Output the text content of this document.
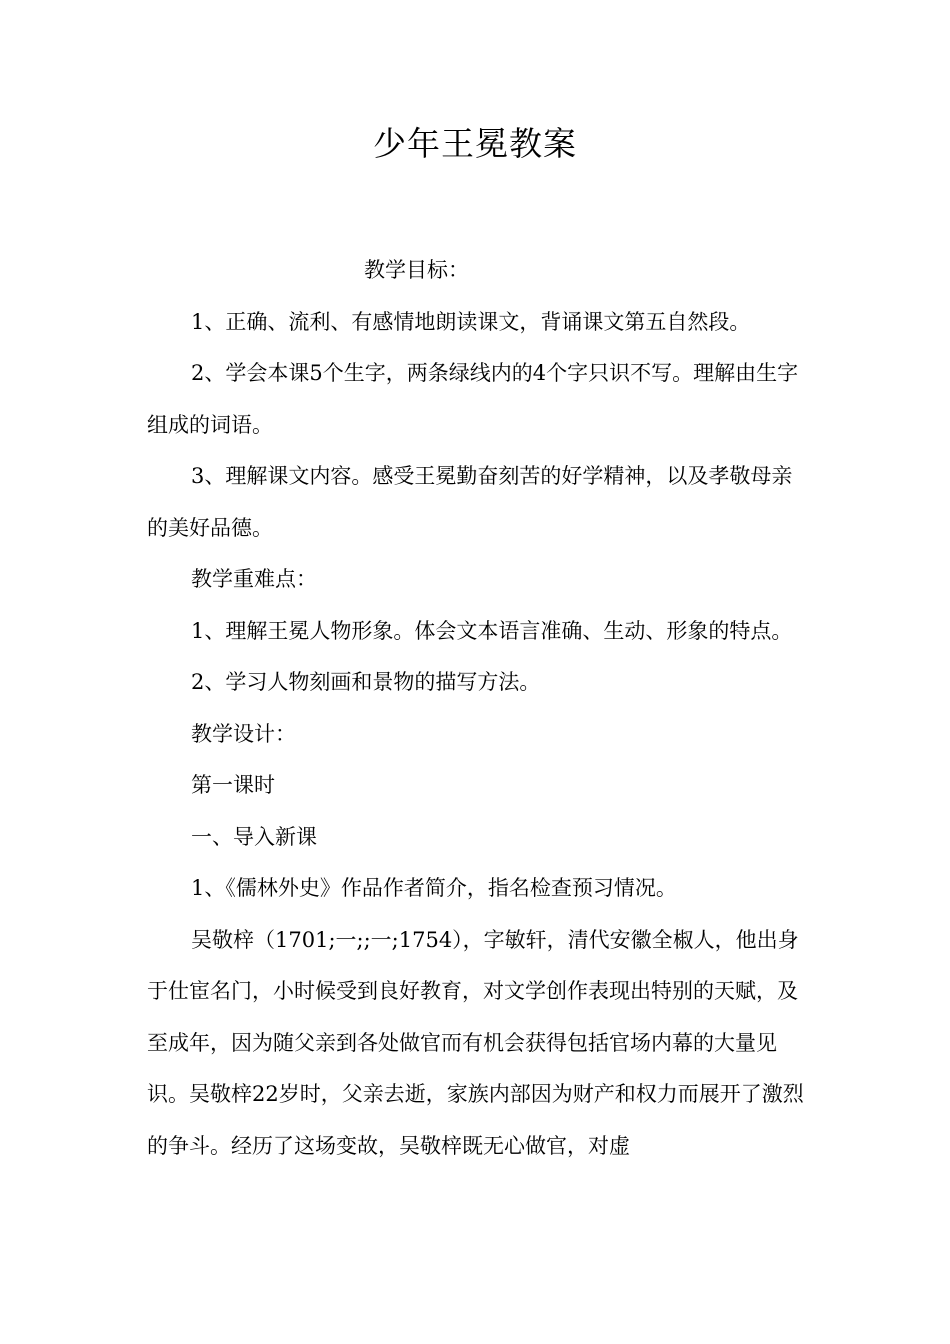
少年王冕教案

教学目标：

1、正确、流利、有感情地朗读课文，背诵课文第五自然段。

2、学会本课5个生字，两条绿线内的4个字只识不写。理解由生字组成的词语。

3、理解课文内容。感受王冕勤奋刻苦的好学精神，以及孝敬母亲的美好品德。

教学重难点：

1、理解王冕人物形象。体会文本语言准确、生动、形象的特点。

2、学习人物刻画和景物的描写方法。

教学设计：

第一课时

一、导入新课

1、《儒林外史》作品作者简介，指名检查预习情况。

吴敬梓（1701;一;;一;1754），字敏轩，清代安徽全椒人，他出身于仕宦名门，小时候受到良好教育，对文学创作表现出特别的天赋，及至成年，因为随父亲到各处做官而有机会获得包括官场内幕的大量见识。吴敬梓22岁时，父亲去逝，家族内部因为财产和权力而展开了激烈的争斗。经历了这场变故，吴敬梓既无心做官，对虚
